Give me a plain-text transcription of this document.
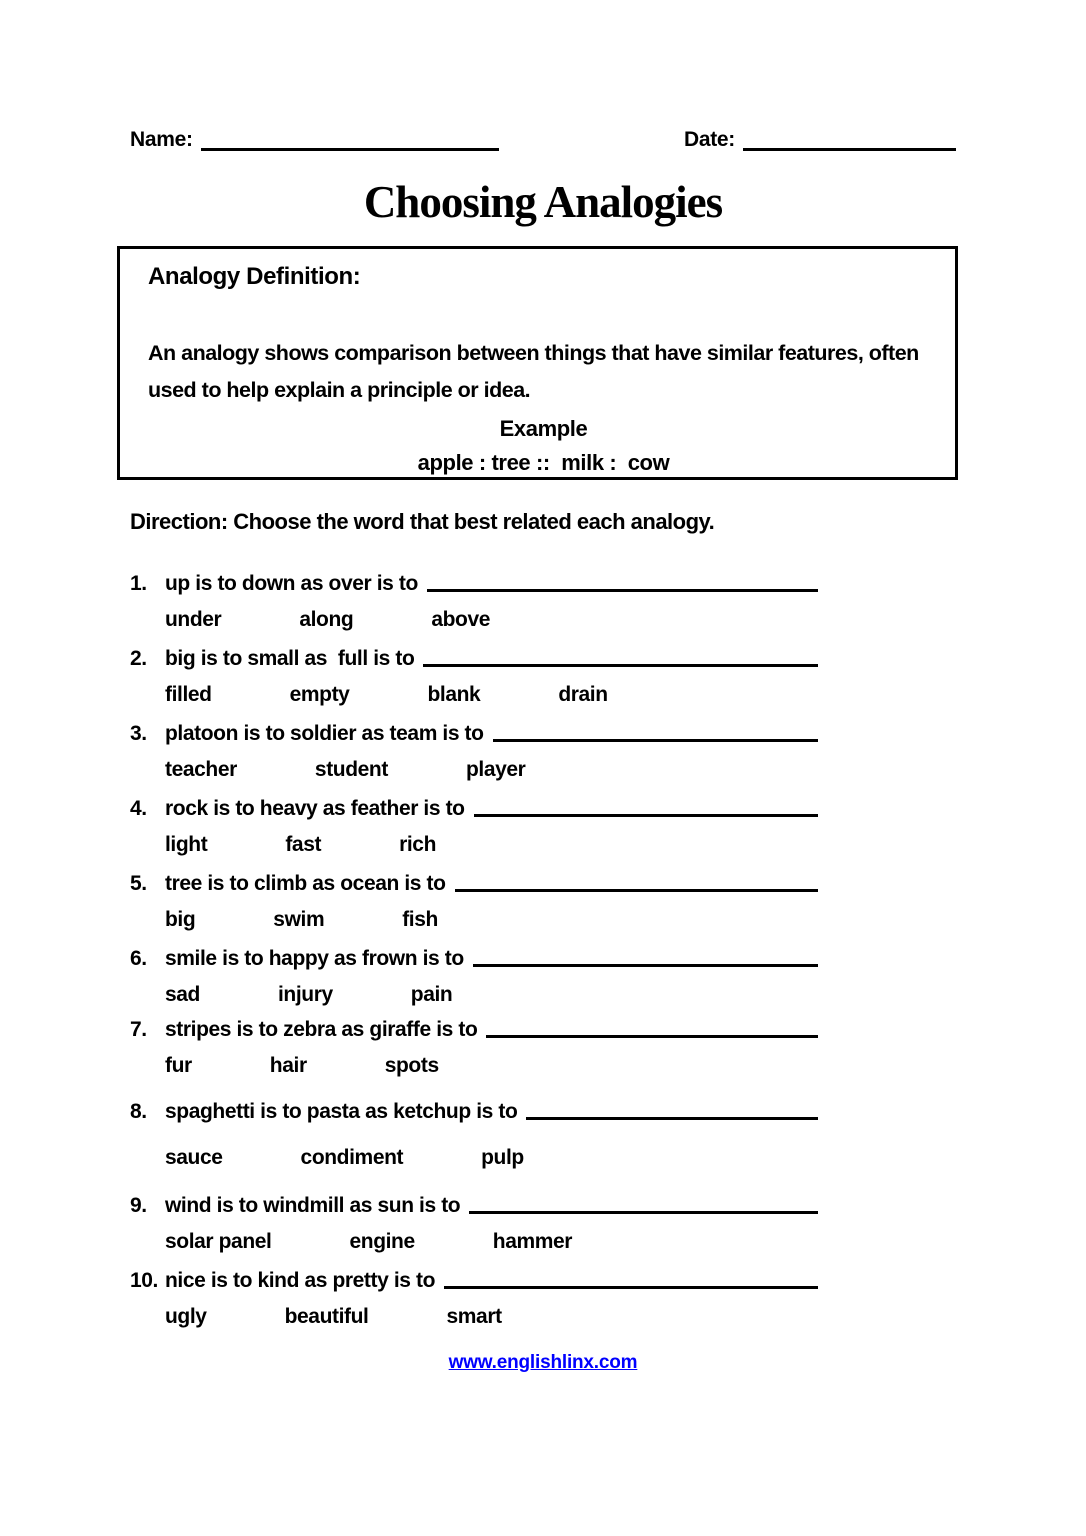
Name:	Date:
Choosing Analogies
Analogy Definition:
An analogy shows comparison between things that have similar features, often used to help explain a principle or idea.
Example
apple : tree ::  milk :  cow
Direction: Choose the word that best related each analogy.
1. up is to down as over is to
under	along	above
2. big is to small as  full is to
filled	empty	blank	drain
3. platoon is to soldier as team is to
teacher	student	player
4. rock is to heavy as feather is to
light	fast	rich
5. tree is to climb as ocean is to
big	swim	fish
6. smile is to happy as frown is to
sad	injury	pain
7. stripes is to zebra as giraffe is to
fur	hair	spots
8. spaghetti is to pasta as ketchup is to
sauce	condiment	pulp
9. wind is to windmill as sun is to
solar panel	engine	hammer
10. nice is to kind as pretty is to
ugly	beautiful	smart
www.englishlinx.com
